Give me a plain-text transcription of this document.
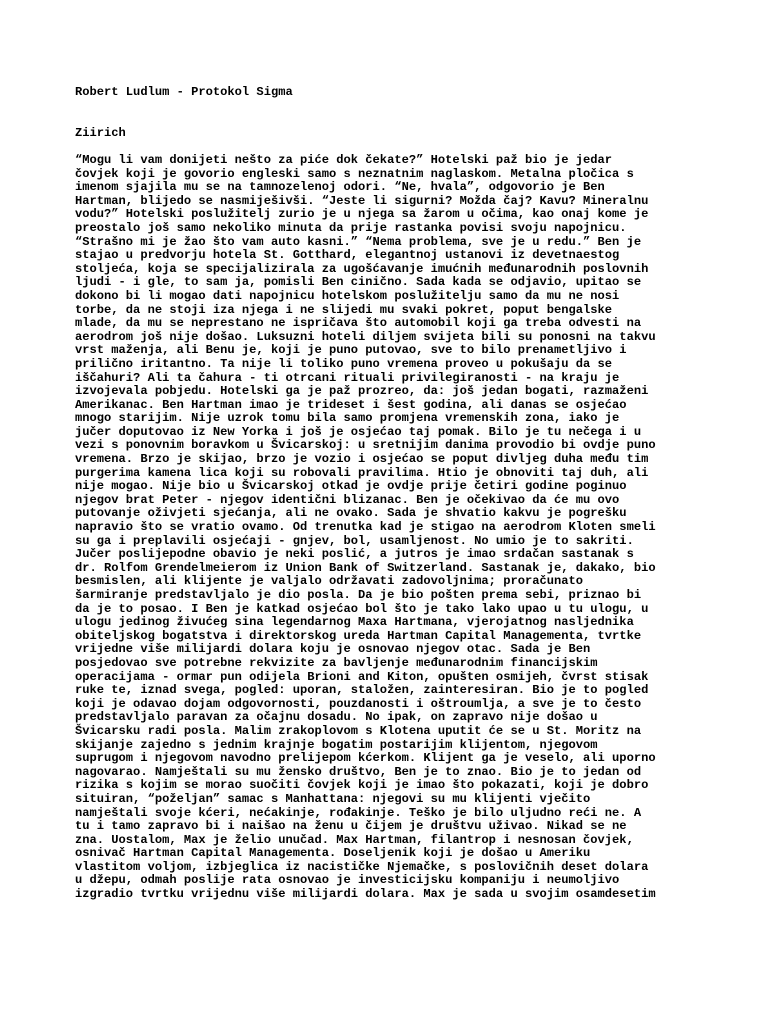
Robert Ludlum - Protokol Sigma
Ziirich
“Mogu li vam donijeti nešto za piće dok čekate?” Hotelski paž bio je jedar
čovjek koji je govorio engleski samo s neznatnim naglaskom. Metalna pločica s
imenom sjajila mu se na tamnozelenoj odori. “Ne, hvala”, odgovorio je Ben
Hartman, blijedo se nasmiješivši. “Jeste li sigurni? Možda čaj? Kavu? Mineralnu
vodu?” Hotelski poslužitelj zurio je u njega sa žarom u očima, kao onaj kome je
preostalo još samo nekoliko minuta da prije rastanka povisi svoju napojnicu.
“Strašno mi je žao što vam auto kasni.” “Nema problema, sve je u redu.” Ben je
stajao u predvorju hotela St. Gotthard, elegantnoj ustanovi iz devetnaestog
stoljeća, koja se specijalizirala za ugošćavanje imućnih međunarodnih poslovnih
ljudi - i gle, to sam ja, pomisli Ben cinično. Sada kada se odjavio, upitao se
dokono bi li mogao dati napojnicu hotelskom poslužitelju samo da mu ne nosi
torbe, da ne stoji iza njega i ne slijedi mu svaki pokret, poput bengalske
mlade, da mu se neprestano ne ispričava što automobil koji ga treba odvesti na
aerodrom još nije došao. Luksuzni hoteli diljem svijeta bili su ponosni na takvu
vrst maženja, ali Benu je, koji je puno putovao, sve to bilo prenametljivo i
prilično iritantno. Ta nije li toliko puno vremena proveo u pokušaju da se
iščahuri? Ali ta čahura - ti otrcani rituali privilegiranosti - na kraju je
izvojevala pobjedu. Hotelski ga je paž prozreo, da: još jedan bogati, razmaženi
Amerikanac. Ben Hartman imao je trideset i šest godina, ali danas se osjećao
mnogo starijim. Nije uzrok tomu bila samo promjena vremenskih zona, iako je
jučer doputovao iz New Yorka i još je osjećao taj pomak. Bilo je tu nečega i u
vezi s ponovnim boravkom u Švicarskoj: u sretnijim danima provodio bi ovdje puno
vremena. Brzo je skijao, brzo je vozio i osjećao se poput divljeg duha među tim
purgerima kamena lica koji su robovali pravilima. Htio je obnoviti taj duh, ali
nije mogao. Nije bio u Švicarskoj otkad je ovdje prije četiri godine poginuo
njegov brat Peter - njegov identični blizanac. Ben je očekivao da će mu ovo
putovanje oživjeti sjećanja, ali ne ovako. Sada je shvatio kakvu je pogrešku
napravio što se vratio ovamo. Od trenutka kad je stigao na aerodrom Kloten smeli
su ga i preplavili osjećaji - gnjev, bol, usamljenost. No umio je to sakriti.
Jučer poslijepodne obavio je neki poslić, a jutros je imao srdačan sastanak s
dr. Rolfom Grendelmeierom iz Union Bank of Switzerland. Sastanak je, dakako, bio
besmislen, ali klijente je valjalo održavati zadovoljnima; proračunato
šarmiranje predstavljalo je dio posla. Da je bio pošten prema sebi, priznao bi
da je to posao. I Ben je katkad osjećao bol što je tako lako upao u tu ulogu, u
ulogu jedinog živućeg sina legendarnog Maxa Hartmana, vjerojatnog nasljednika
obiteljskog bogatstva i direktorskog ureda Hartman Capital Managementa, tvrtke
vrijedne više milijardi dolara koju je osnovao njegov otac. Sada je Ben
posjedovao sve potrebne rekvizite za bavljenje međunarodnim financijskim
operacijama - ormar pun odijela Brioni and Kiton, opušten osmijeh, čvrst stisak
ruke te, iznad svega, pogled: uporan, staložen, zainteresiran. Bio je to pogled
koji je odavao dojam odgovornosti, pouzdanosti i oštroumlja, a sve je to često
predstavljalo paravan za očajnu dosadu. No ipak, on zapravo nije došao u
Švicarsku radi posla. Malim zrakoplovom s Klotena uputit će se u St. Moritz na
skijanje zajedno s jednim krajnje bogatim postarijim klijentom, njegovom
suprugom i njegovom navodno prelijepom kćerkom. Klijent ga je veselo, ali uporno
nagovarao. Namještali su mu žensko društvo, Ben je to znao. Bio je to jedan od
rizika s kojim se morao suočiti čovjek koji je imao što pokazati, koji je dobro
situiran, “poželjan” samac s Manhattana: njegovi su mu klijenti vječito
namještali svoje kćeri, nećakinje, rođakinje. Teško je bilo uljudno reći ne. A
tu i tamo zapravo bi i naišao na ženu u čijem je društvu uživao. Nikad se ne
zna. Uostalom, Max je želio unučad. Max Hartman, filantrop i nesnosan čovjek,
osnivač Hartman Capital Managementa. Doseljenik koji je došao u Ameriku
vlastitom voljom, izbjeglica iz nacističke Njemačke, s poslovičnih deset dolara
u džepu, odmah poslije rata osnovao je investicijsku kompaniju i neumoljivo
izgradio tvrtku vrijednu više milijardi dolara. Max je sada u svojim osamdesetim
